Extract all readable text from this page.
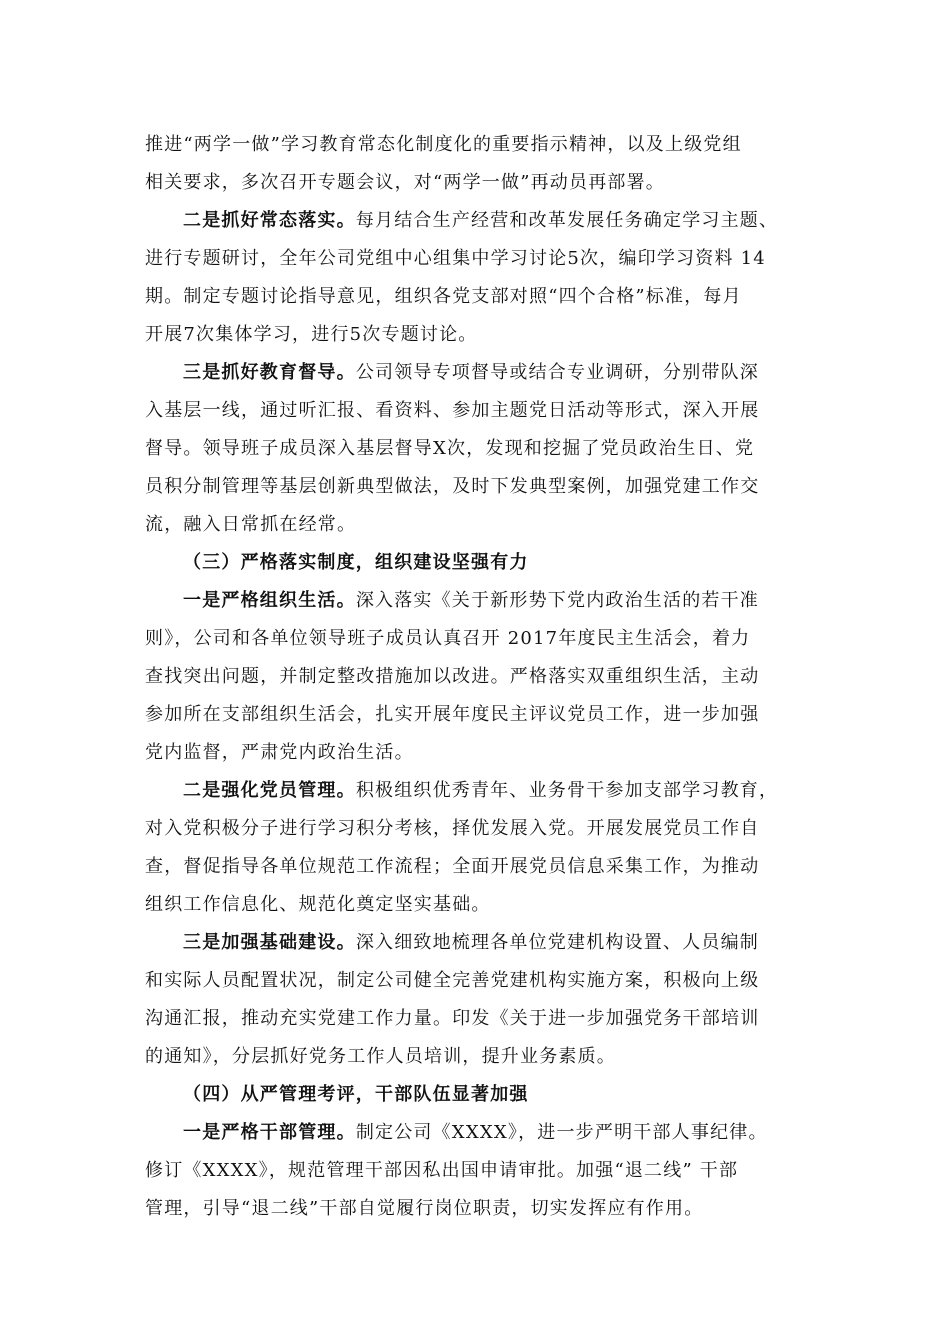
推进“两学一做”学习教育常态化制度化的重要指示精神，以及上级党组
相关要求，多次召开专题会议，对“两学一做”再动员再部署。
二是抓好常态落实。每月结合生产经营和改革发展任务确定学习主题、
进行专题研讨，全年公司党组中心组集中学习讨论5次，编印学习资料 14
期。制定专题讨论指导意见，组织各党支部对照“四个合格”标准，每月
开展7次集体学习，进行5次专题讨论。
三是抓好教育督导。公司领导专项督导或结合专业调研，分别带队深
入基层一线，通过听汇报、看资料、参加主题党日活动等形式，深入开展
督导。领导班子成员深入基层督导X次，发现和挖掘了党员政治生日、党
员积分制管理等基层创新典型做法，及时下发典型案例，加强党建工作交
流，融入日常抓在经常。
（三）严格落实制度，组织建设坚强有力
一是严格组织生活。深入落实《关于新形势下党内政治生活的若干准
则》，公司和各单位领导班子成员认真召开 2017年度民主生活会，着力
查找突出问题，并制定整改措施加以改进。严格落实双重组织生活，主动
参加所在支部组织生活会，扎实开展年度民主评议党员工作，进一步加强
党内监督，严肃党内政治生活。
二是强化党员管理。积极组织优秀青年、业务骨干参加支部学习教育，
对入党积极分子进行学习积分考核，择优发展入党。开展发展党员工作自
查，督促指导各单位规范工作流程；全面开展党员信息采集工作，为推动
组织工作信息化、规范化奠定坚实基础。
三是加强基础建设。深入细致地梳理各单位党建机构设置、人员编制
和实际人员配置状况，制定公司健全完善党建机构实施方案，积极向上级
沟通汇报，推动充实党建工作力量。印发《关于进一步加强党务干部培训
的通知》，分层抓好党务工作人员培训，提升业务素质。
（四）从严管理考评，干部队伍显著加强
一是严格干部管理。制定公司《XXXX》，进一步严明干部人事纪律。
修订《XXXX》，规范管理干部因私出国申请审批。加强“退二线” 干部
管理，引导“退二线”干部自觉履行岗位职责，切实发挥应有作用。
